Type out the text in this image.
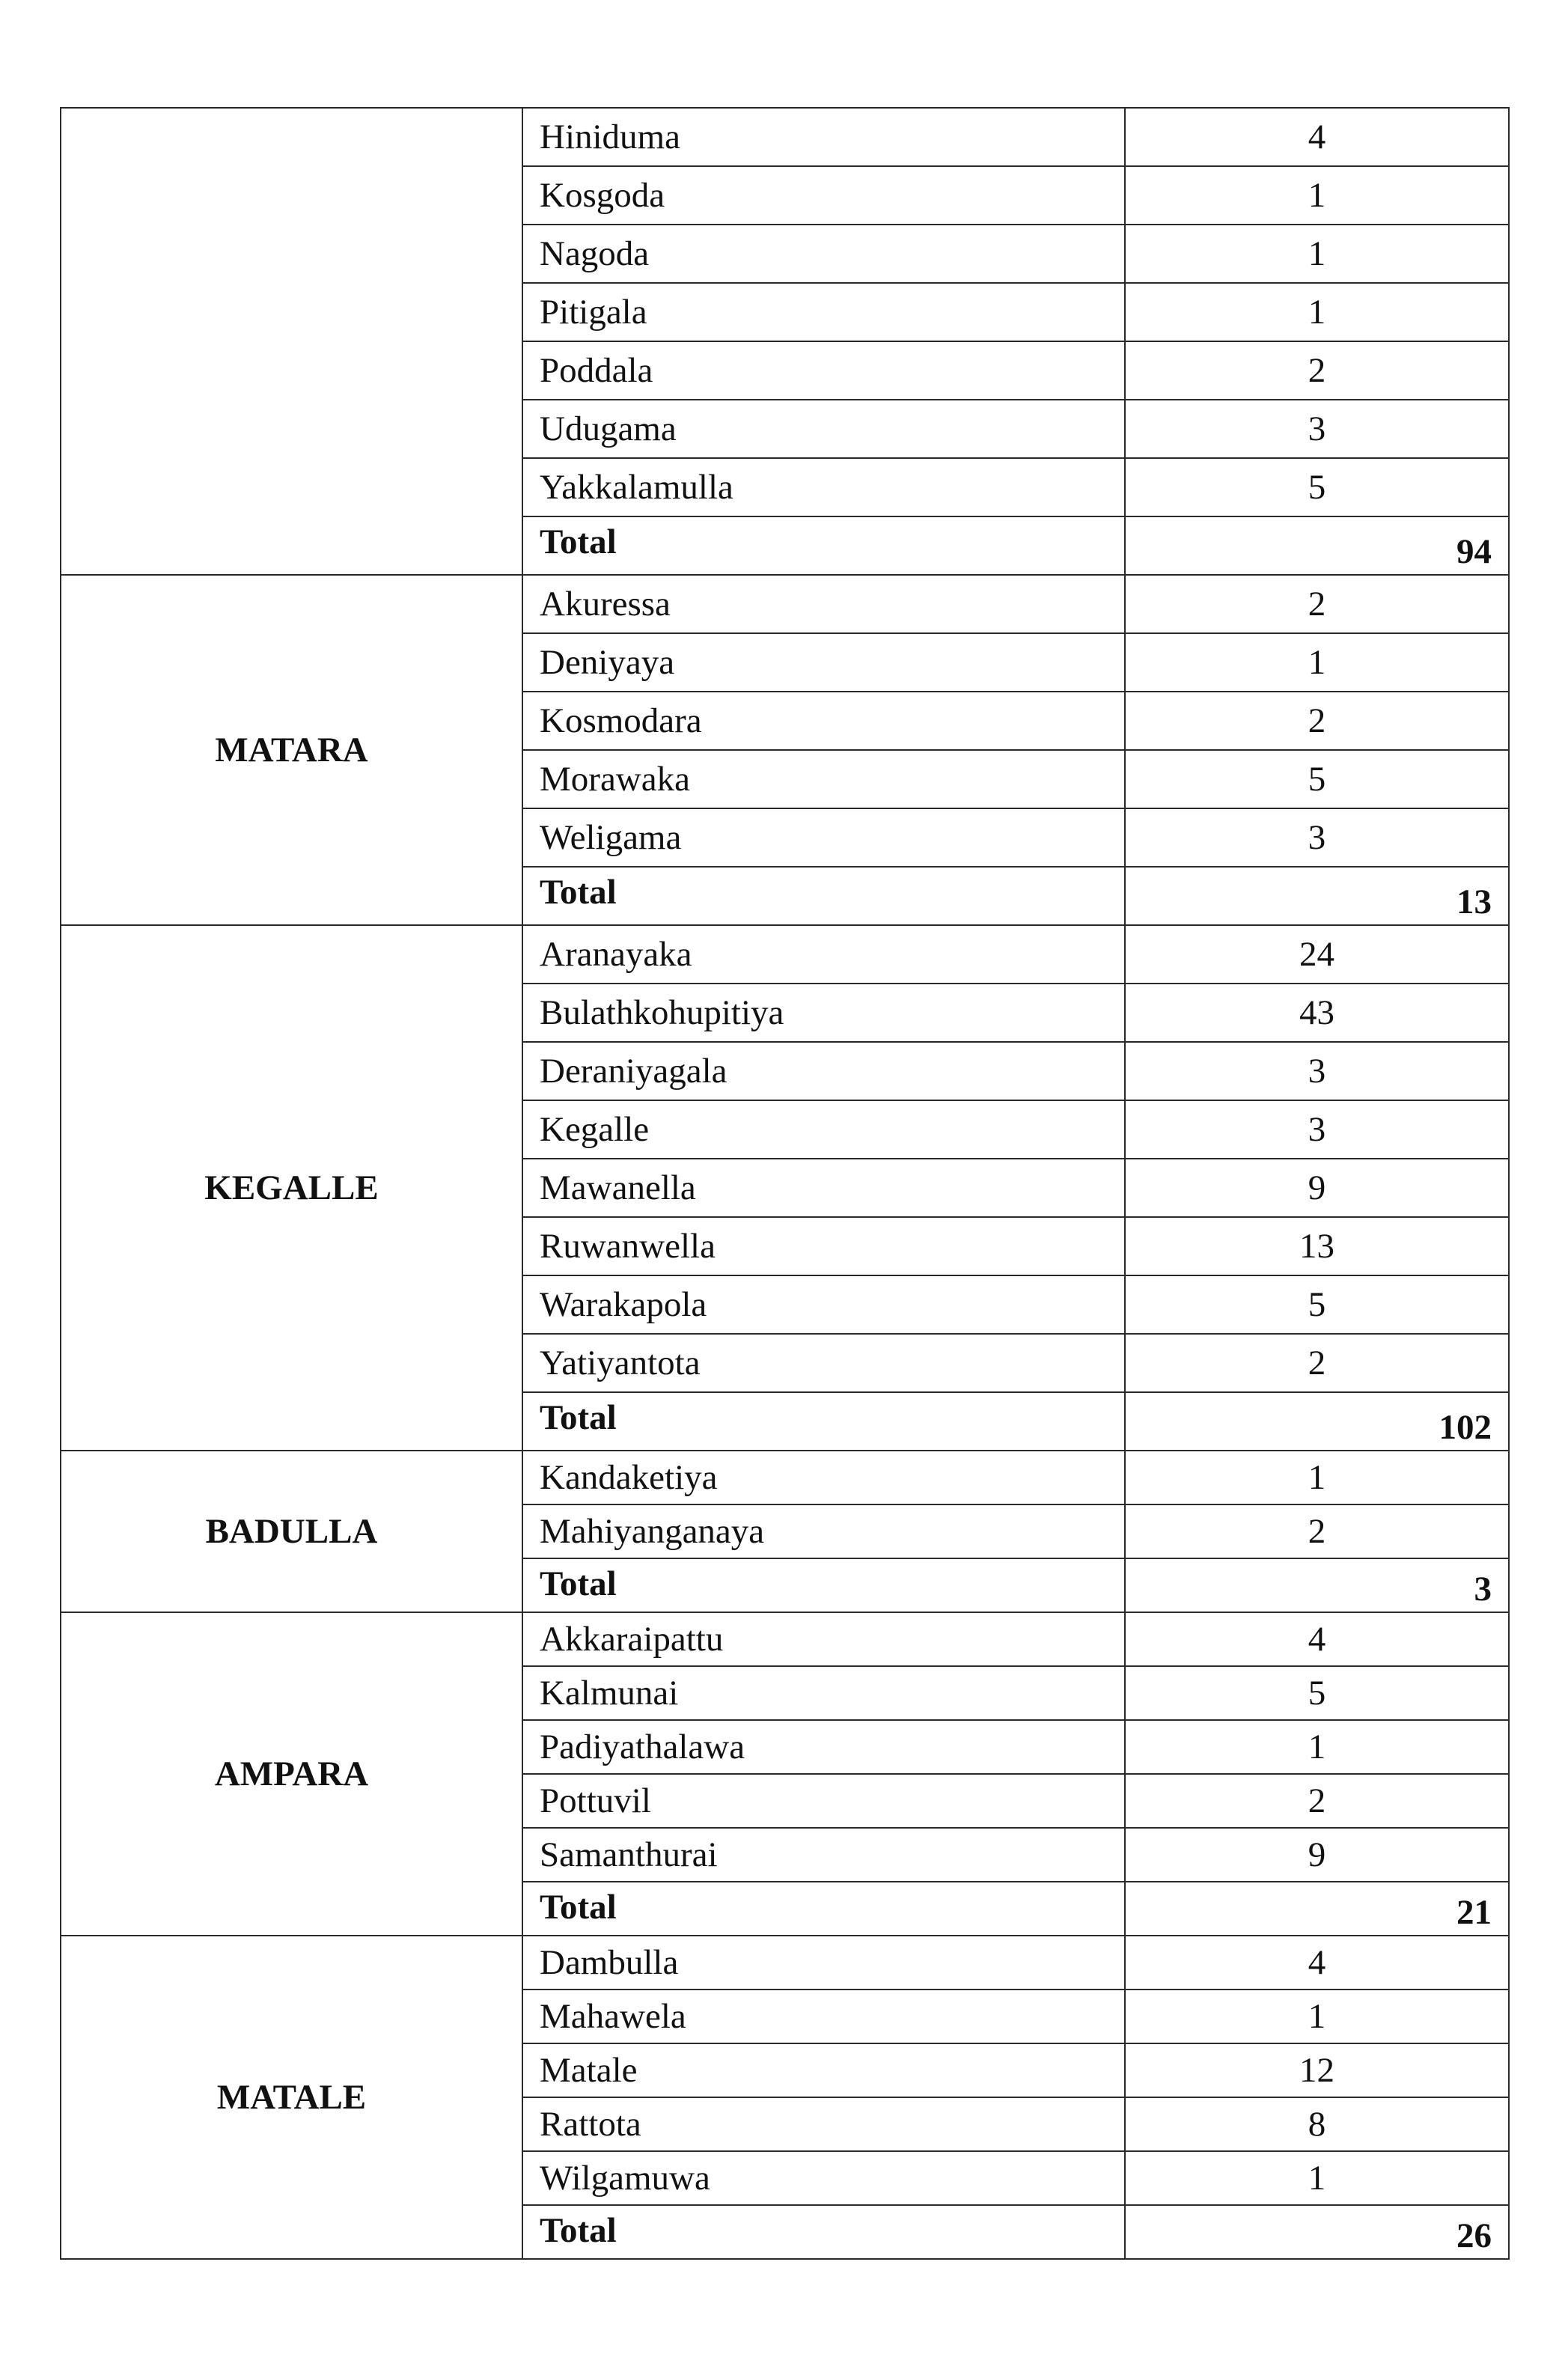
	Hiniduma	4
	Kosgoda	1
	Nagoda	1
	Pitigala	1
	Poddala	2
	Udugama	3
	Yakkalamulla	5
	Total	94
MATARA	Akuressa	2
	Deniyaya	1
	Kosmodara	2
	Morawaka	5
	Weligama	3
	Total	13
KEGALLE	Aranayaka	24
	Bulathkohupitiya	43
	Deraniyagala	3
	Kegalle	3
	Mawanella	9
	Ruwanwella	13
	Warakapola	5
	Yatiyantota	2
	Total	102
BADULLA	Kandaketiya	1
	Mahiyanganaya	2
	Total	3
AMPARA	Akkaraipattu	4
	Kalmunai	5
	Padiyathalawa	1
	Pottuvil	2
	Samanthurai	9
	Total	21
MATALE	Dambulla	4
	Mahawela	1
	Matale	12
	Rattota	8
	Wilgamuwa	1
	Total	26
